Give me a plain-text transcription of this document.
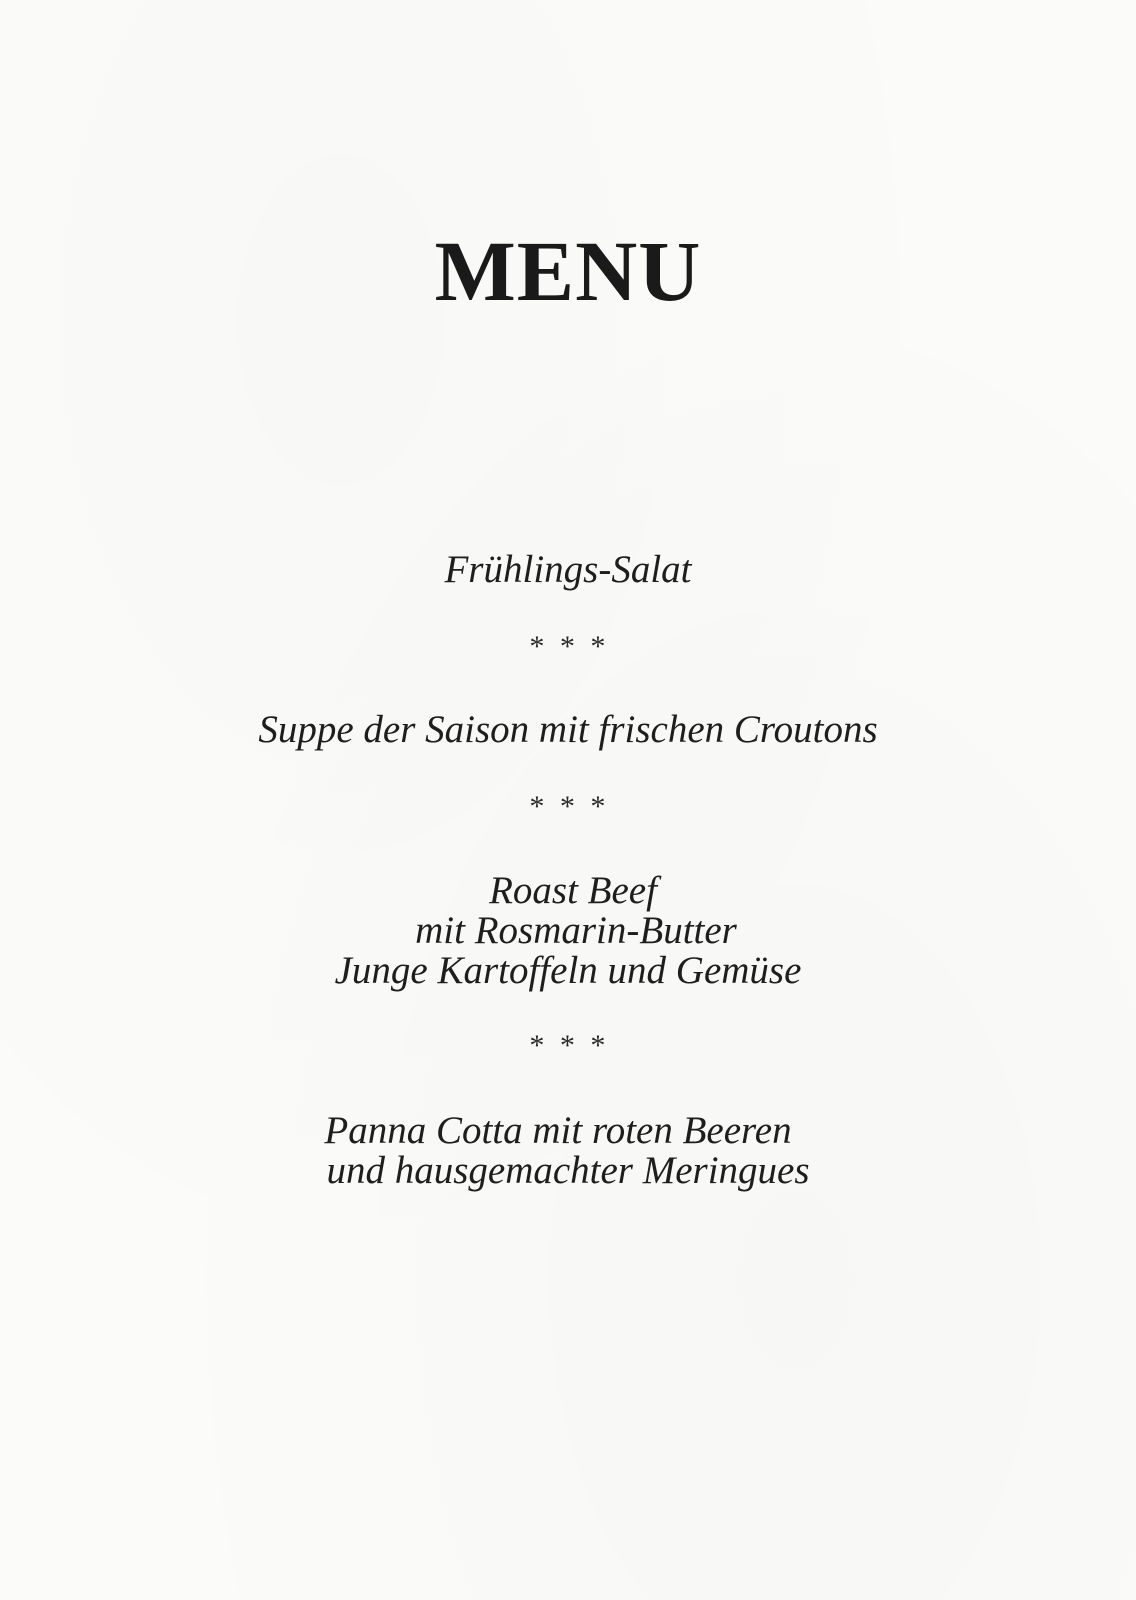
MENU
Frühlings-Salat
* * *
Suppe der Saison mit frischen Croutons
* * *
Roast Beef
mit Rosmarin-Butter
Junge Kartoffeln und Gemüse
* * *
Panna Cotta mit roten Beeren
und hausgemachter Meringues
